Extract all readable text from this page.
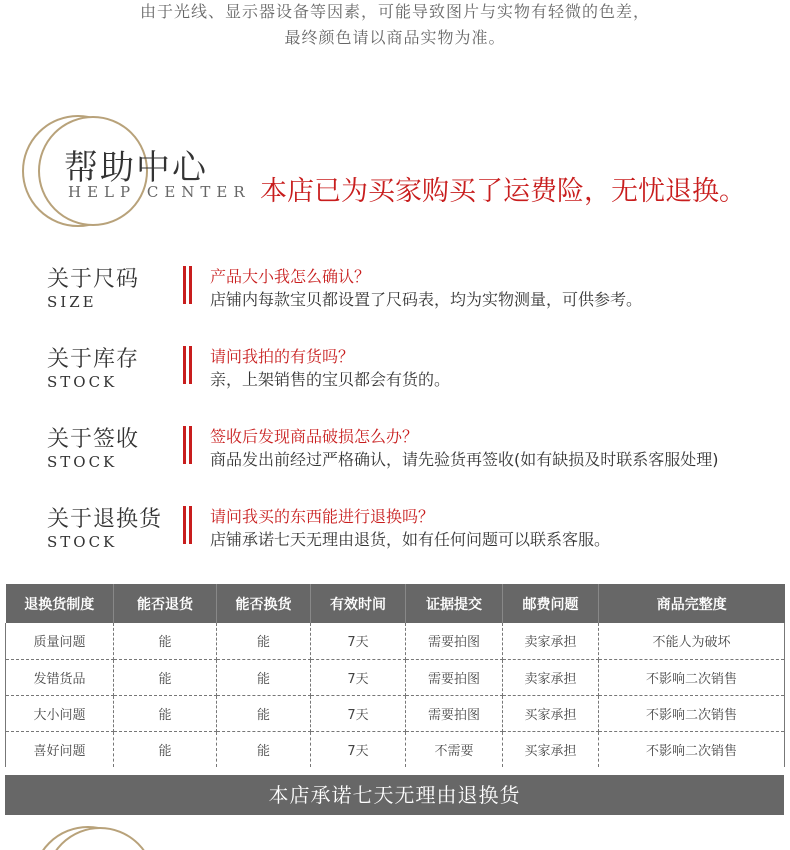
由于光线、显示器设备等因素，可能导致图片与实物有轻微的色差，
最终颜色请以商品实物为准。
帮助中心
HELP CENTER 本店已为买家购买了运费险，无忧退换。
关于尺码
SIZE
产品大小我怎么确认？
店铺内每款宝贝都设置了尺码表，均为实物测量，可供参考。
关于库存
STOCK
请问我拍的有货吗？
亲，上架销售的宝贝都会有货的。
关于签收
STOCK
签收后发现商品破损怎么办？
商品发出前经过严格确认，请先验货再签收(如有缺损及时联系客服处理)
关于退换货
STOCK
请问我买的东西能进行退换吗？
店铺承诺七天无理由退货，如有任何问题可以联系客服。
退换货制度	能否退货	能否换货	有效时间	证据提交	邮费问题	商品完整度
质量问题	能	能	7天	需要拍图	卖家承担	不能人为破坏
发错货品	能	能	7天	需要拍图	卖家承担	不影响二次销售
大小问题	能	能	7天	需要拍图	买家承担	不影响二次销售
喜好问题	能	能	7天	不需要	买家承担	不影响二次销售
本店承诺七天无理由退换货
